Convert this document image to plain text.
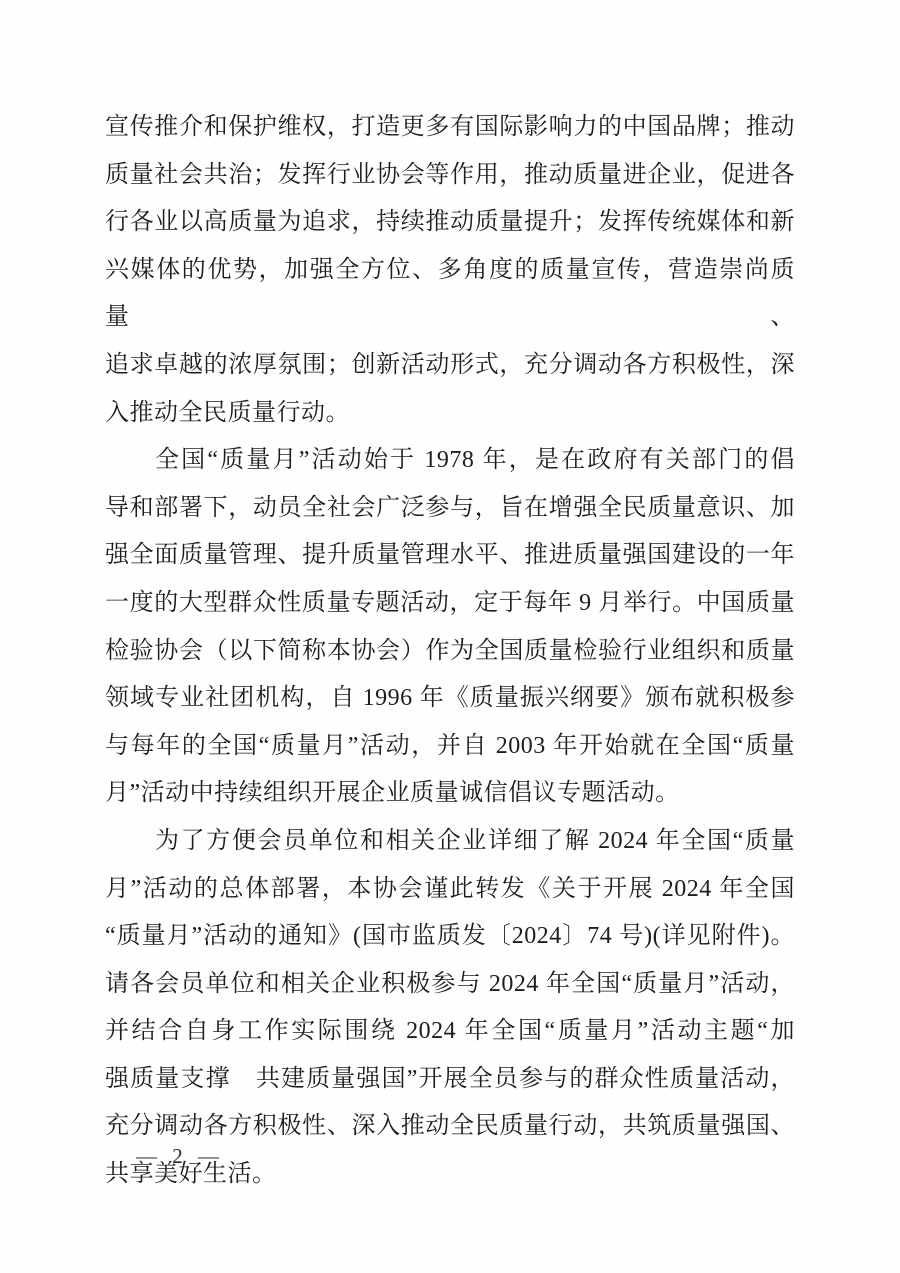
宣传推介和保护维权，打造更多有国际影响力的中国品牌；推动
质量社会共治；发挥行业协会等作用，推动质量进企业，促进各
行各业以高质量为追求，持续推动质量提升；发挥传统媒体和新
兴媒体的优势，加强全方位、多角度的质量宣传，营造崇尚质量、
追求卓越的浓厚氛围；创新活动形式，充分调动各方积极性，深
入推动全民质量行动。
全国“质量月”活动始于 1978 年，是在政府有关部门的倡
导和部署下，动员全社会广泛参与，旨在增强全民质量意识、加
强全面质量管理、提升质量管理水平、推进质量强国建设的一年
一度的大型群众性质量专题活动，定于每年 9 月举行。中国质量
检验协会（以下简称本协会）作为全国质量检验行业组织和质量
领域专业社团机构，自 1996 年《质量振兴纲要》颁布就积极参
与每年的全国“质量月”活动，并自 2003 年开始就在全国“质量
月”活动中持续组织开展企业质量诚信倡议专题活动。
为了方便会员单位和相关企业详细了解 2024 年全国“质量
月”活动的总体部署，本协会谨此转发《关于开展 2024 年全国
“质量月”活动的通知》(国市监质发〔2024〕74 号)(详见附件)。
请各会员单位和相关企业积极参与 2024 年全国“质量月”活动，
并结合自身工作实际围绕 2024 年全国“质量月”活动主题“加
强质量支撑　共建质量强国”开展全员参与的群众性质量活动，
充分调动各方积极性、深入推动全民质量行动，共筑质量强国、
共享美好生活。
— 2 —
